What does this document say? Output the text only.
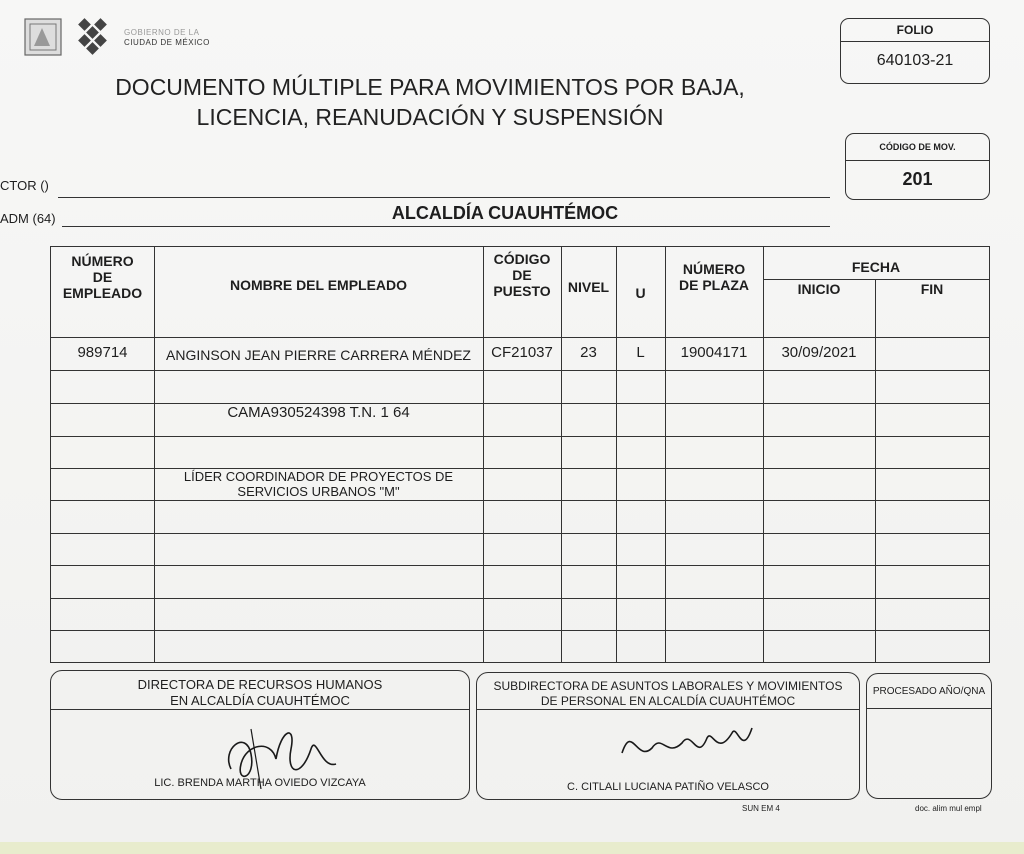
GOBIERNO DE LA
CIUDAD DE MÉXICO
DOCUMENTO MÚLTIPLE PARA MOVIMIENTOS POR BAJA,
LICENCIA, REANUDACIÓN Y SUSPENSIÓN
FOLIO
640103-21
CÓDIGO DE MOV.
201
CTOR ()
ADM (64)	ALCALDÍA CUAUHTÉMOC
NÚMERO
DE
EMPLEADO	NOMBRE DEL EMPLEADO
CÓDIGO
DE
PUESTO	NIVEL	U
NÚMERO
DE PLAZA
FECHA
INICIO	FIN
989714	ANGINSON JEAN PIERRE CARRERA MÉNDEZ	CF21037	23	L	19004171	30/09/2021
CAMA930524398 T.N. 1 64
LÍDER COORDINADOR DE PROYECTOS DE
SERVICIOS URBANOS "M"
DIRECTORA DE RECURSOS HUMANOS
EN ALCALDÍA CUAUHTÉMOC
LIC. BRENDA MARTHA OVIEDO VIZCAYA
SUBDIRECTORA DE ASUNTOS LABORALES Y MOVIMIENTOS
DE PERSONAL EN ALCALDÍA CUAUHTÉMOC
C. CITLALI LUCIANA PATIÑO VELASCO
PROCESADO AÑO/QNA
SUN EM 4	doc. alim mul empl
